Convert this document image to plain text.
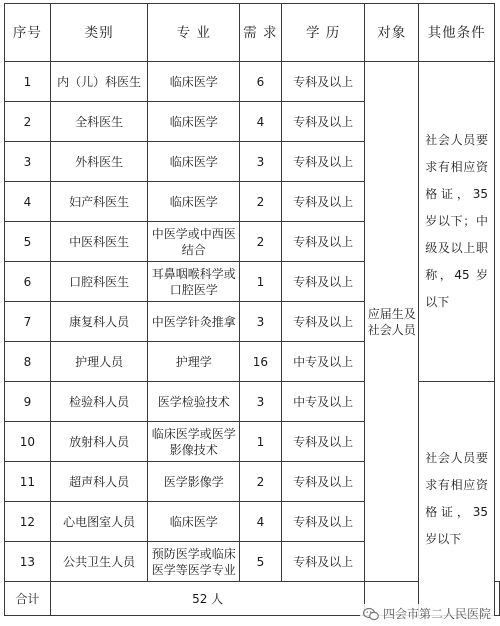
序号	类别	专 业	需 求	学 历	对象	其他条件	
1	内（儿）科医生	临床医学	6	专科及以上	应届生及社会人员	社会人员要求有相应资格证，35 岁以下；中级及以上职称，45 岁以下	
2	全科医生	临床医学	4	专科及以上			
3	外科医生	临床医学	3	专科及以上			
4	妇产科医生	临床医学	2	专科及以上			
5	中医科医生	中医学或中西医结合	2	专科及以上			
6	口腔科医生	耳鼻咽喉科学或口腔医学	1	专科及以上			
7	康复科人员	中医学针灸推拿	3	专科及以上			
8	护理人员	护理学	16	中专及以上			
9	检验科人员	医学检验技术	3	中专及以上		社会人员要求有相应资格证，35 岁以下	
10	放射科人员	临床医学或医学影像技术	1	专科及以上			
11	超声科人员	医学影像学	2	专科及以上			
12	心电图室人员	临床医学	4	专科及以上			
13	公共卫生人员	预防医学或临床医学等医学专业	5	专科及以上			
合计	52 人						
四会市第二人民医院
